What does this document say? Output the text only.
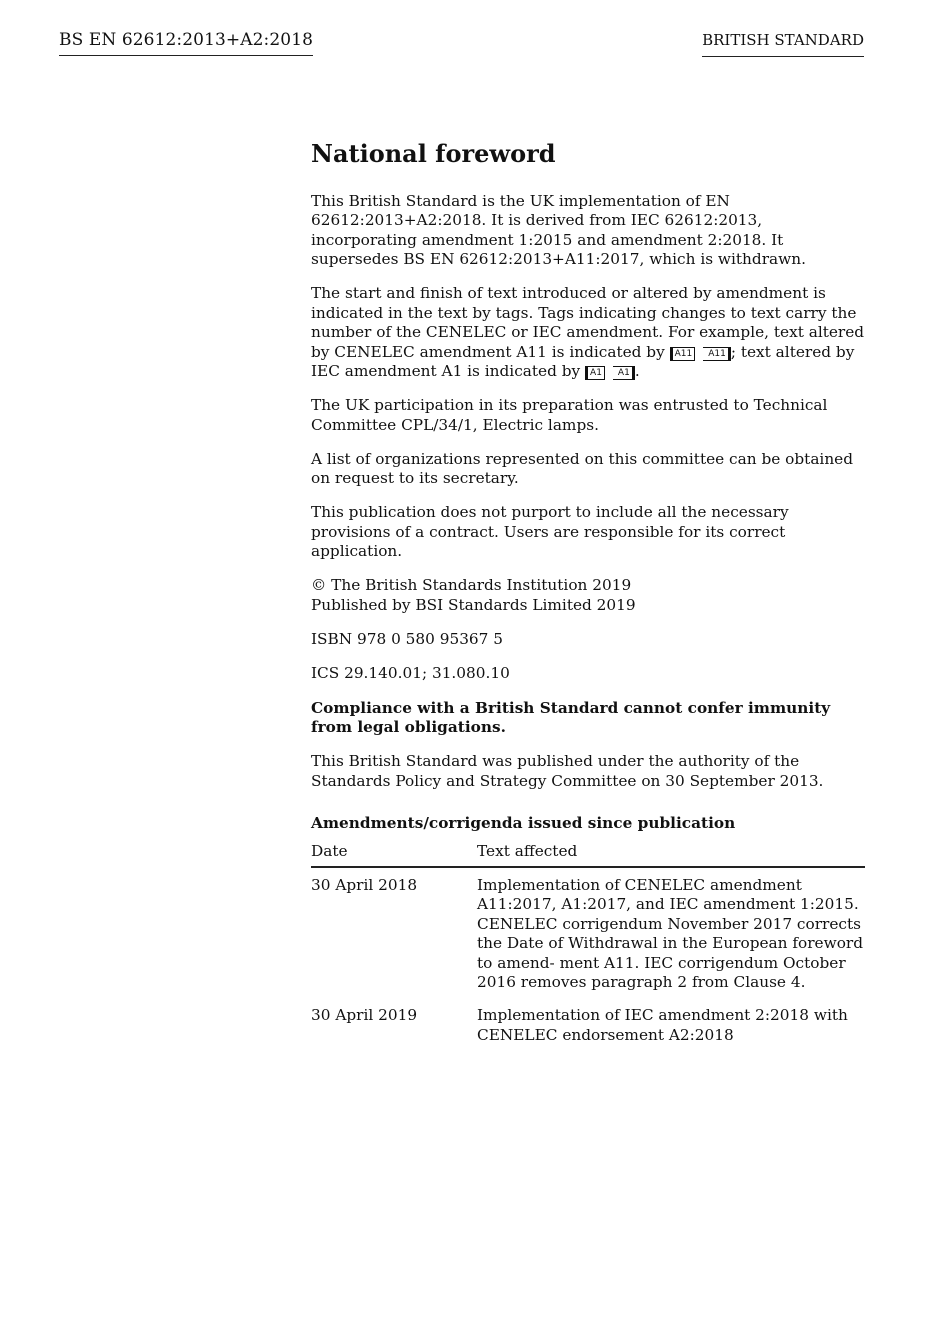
BS EN 62612:2013+A2:2018	BRITISH STANDARD
National foreword

This British Standard is the UK implementation of EN 62612:2013+A2:2018. It is derived from IEC 62612:2013, incorporating amendment 1:2015 and amendment 2:2018. It supersedes BS EN 62612:2013+A11:2017, which is withdrawn.

The start and finish of text introduced or altered by amendment is indicated in the text by tags. Tags indicating changes to text carry the number of the CENELEC or IEC amendment. For example, text altered by CENELEC amendment A11 is indicated by A11 A11 ; text altered by IEC amendment A1 is indicated by A1 A1 .

The UK participation in its preparation was entrusted to Technical Committee CPL/34/1, Electric lamps.

A list of organizations represented on this committee can be obtained on request to its secretary.

This publication does not purport to include all the necessary provisions of a contract. Users are responsible for its correct application.

© The British Standards Institution 2019
Published by BSI Standards Limited 2019

ISBN 978 0 580 95367 5

ICS 29.140.01; 31.080.10

Compliance with a British Standard cannot confer immunity from legal obligations.

This British Standard was published under the authority of the Standards Policy and Strategy Committee on 30 September 2013.

Amendments/corrigenda issued since publication
Date	Text affected
30 April 2018	Implementation of CENELEC amendment A11:2017, A1:2017, and IEC amendment 1:2015. CENELEC corrigendum November 2017 corrects the Date of Withdrawal in the European foreword to amend- ment A11. IEC corrigendum October 2016 removes paragraph 2 from Clause 4.
30 April 2019	Implementation of IEC amendment 2:2018 with CENELEC endorsement A2:2018
